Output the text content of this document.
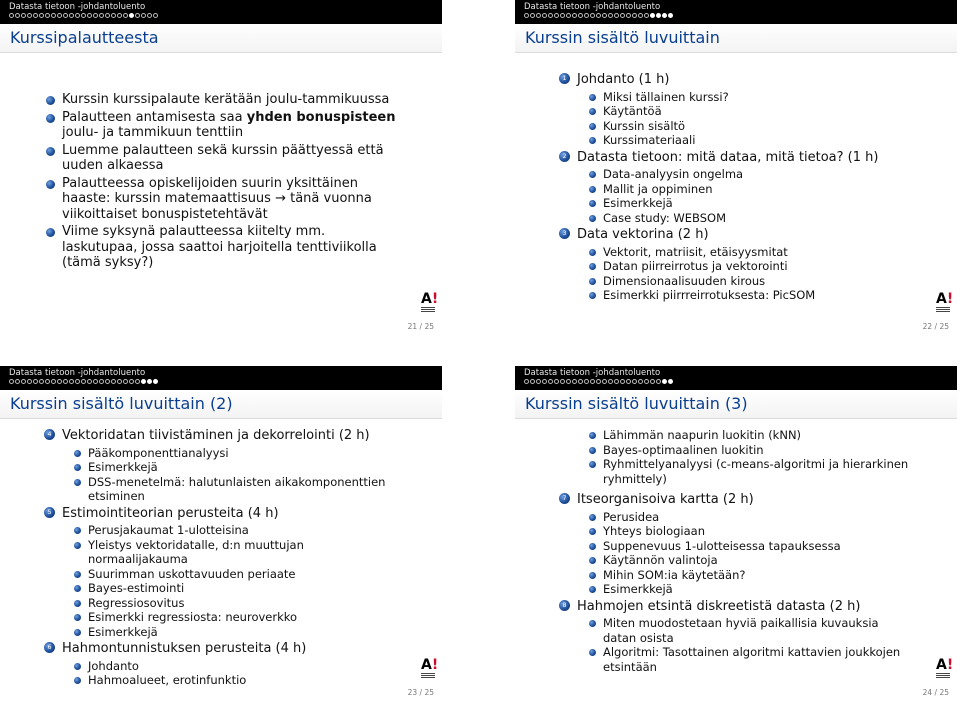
Datasta tietoon -johdantoluento
Kurssipalautteesta
Kurssin kurssipalaute kerätään joulu-tammikuussa
Palautteen antamisesta saa yhden bonuspisteen joulu- ja tammikuun tenttiin
Luemme palautteen sekä kurssin päättyessä että uuden alkaessa
Palautteessa opiskelijoiden suurin yksittäinen haaste: kurssin matemaattisuus → tänä vuonna viikoittaiset bonuspistetehtävät
Viime syksynä palautteessa kiitelty mm. laskutupaa, jossa saattoi harjoitella tenttiviikolla (tämä syksy?)
A!
21 / 25
Datasta tietoon -johdantoluento
Kurssin sisältö luvuittain
1 Johdanto (1 h)
Miksi tällainen kurssi?
Käytäntöä
Kurssin sisältö
Kurssimateriaali
2 Datasta tietoon: mitä dataa, mitä tietoa? (1 h)
Data-analyysin ongelma
Mallit ja oppiminen
Esimerkkejä
Case study: WEBSOM
3 Data vektorina (2 h)
Vektorit, matriisit, etäisyysmitat
Datan piirreirrotus ja vektorointi
Dimensionaalisuuden kirous
Esimerkki piirrreirrotuksesta: PicSOM	A!
22 / 25
Datasta tietoon -johdantoluento
Kurssin sisältö luvuittain (2)
4 Vektoridatan tiivistäminen ja dekorrelointi (2 h)
Pääkomponenttianalyysi
Esimerkkejä
DSS-menetelmä: halutunlaisten aikakomponenttien etsiminen
5 Estimointiteorian perusteita (4 h)
Perusjakaumat 1-ulotteisina
Yleistys vektoridatalle, d:n muuttujan normaalijakauma
Suurimman uskottavuuden periaate
Bayes-estimointi
Regressiosovitus
Esimerkki regressiosta: neuroverkko
Esimerkkejä
6 Hahmontunnistuksen perusteita (4 h)
Johdanto
Hahmoalueet, erotinfunktio
A!
23 / 25
Datasta tietoon -johdantoluento
Kurssin sisältö luvuittain (3)
Lähimmän naapurin luokitin (kNN)
Bayes-optimaalinen luokitin
Ryhmittelyanalyysi (c-means-algoritmi ja hierarkinen ryhmittely)
7 Itseorganisoiva kartta (2 h)
Perusidea
Yhteys biologiaan
Suppenevuus 1-ulotteisessa tapauksessa
Käytännön valintoja
Mihin SOM:ia käytetään?
Esimerkkejä
8 Hahmojen etsintä diskreetistä datasta (2 h)
Miten muodostetaan hyviä paikallisia kuvauksia datan osista
Algoritmi: Tasottainen algoritmi kattavien joukkojen etsintään	A!
24 / 25
